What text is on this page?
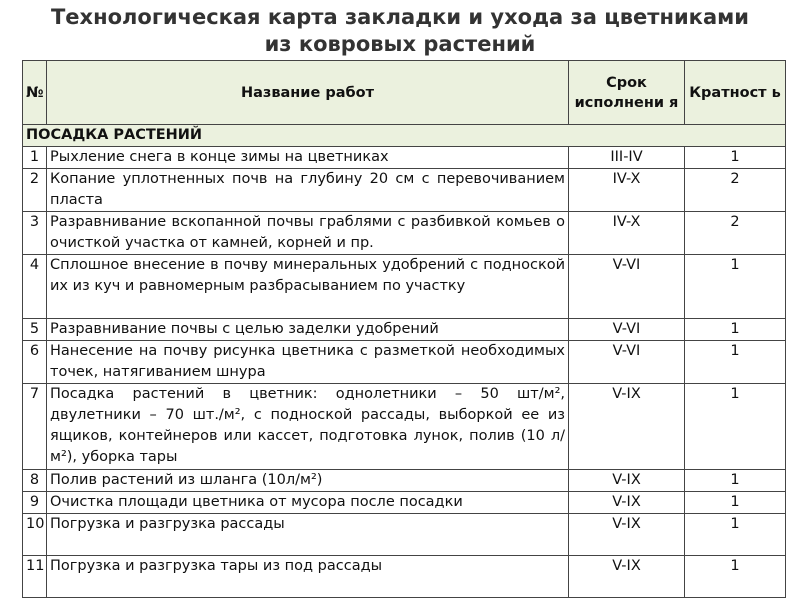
Технологическая карта закладки и ухода за цветниками
из ковровых растений
№	Название работ	Срок исполнени я	Кратност ь
ПОСАДКА РАСТЕНИЙ			
1	Рыхление снега в конце зимы на цветниках	III-IV	1
2	Копание уплотненных почв на глубину 20 см с перевочиванием пласта	IV-X	2
3	Разравнивание вскопанной почвы граблями с разбивкой комьев о очисткой участка от камней, корней и пр.	IV-X	2
4	Сплошное внесение в почву минеральных удобрений с подноской их из куч и равномерным разбрасыванием по участку	V-VI	1
5	Разравнивание почвы с целью заделки удобрений	V-VI	1
6	Нанесение на почву рисунка цветника с разметкой необходимых точек, натягиванием шнура	V-VI	1
7	Посадка растений в цветник: однолетники – 50 шт/м², двулетники – 70 шт./м², с подноской рассады, выборкой ее из ящиков, контейнеров или кассет, подготовка лунок, полив (10 л/м²), уборка тары	V-IX	1
8	Полив растений из шланга (10л/м²)	V-IX	1
9	Очистка площади цветника от мусора после посадки	V-IX	1
10	Погрузка и разгрузка рассады	V-IX	1
11	Погрузка и разгрузка тары из под рассады	V-IX	1
